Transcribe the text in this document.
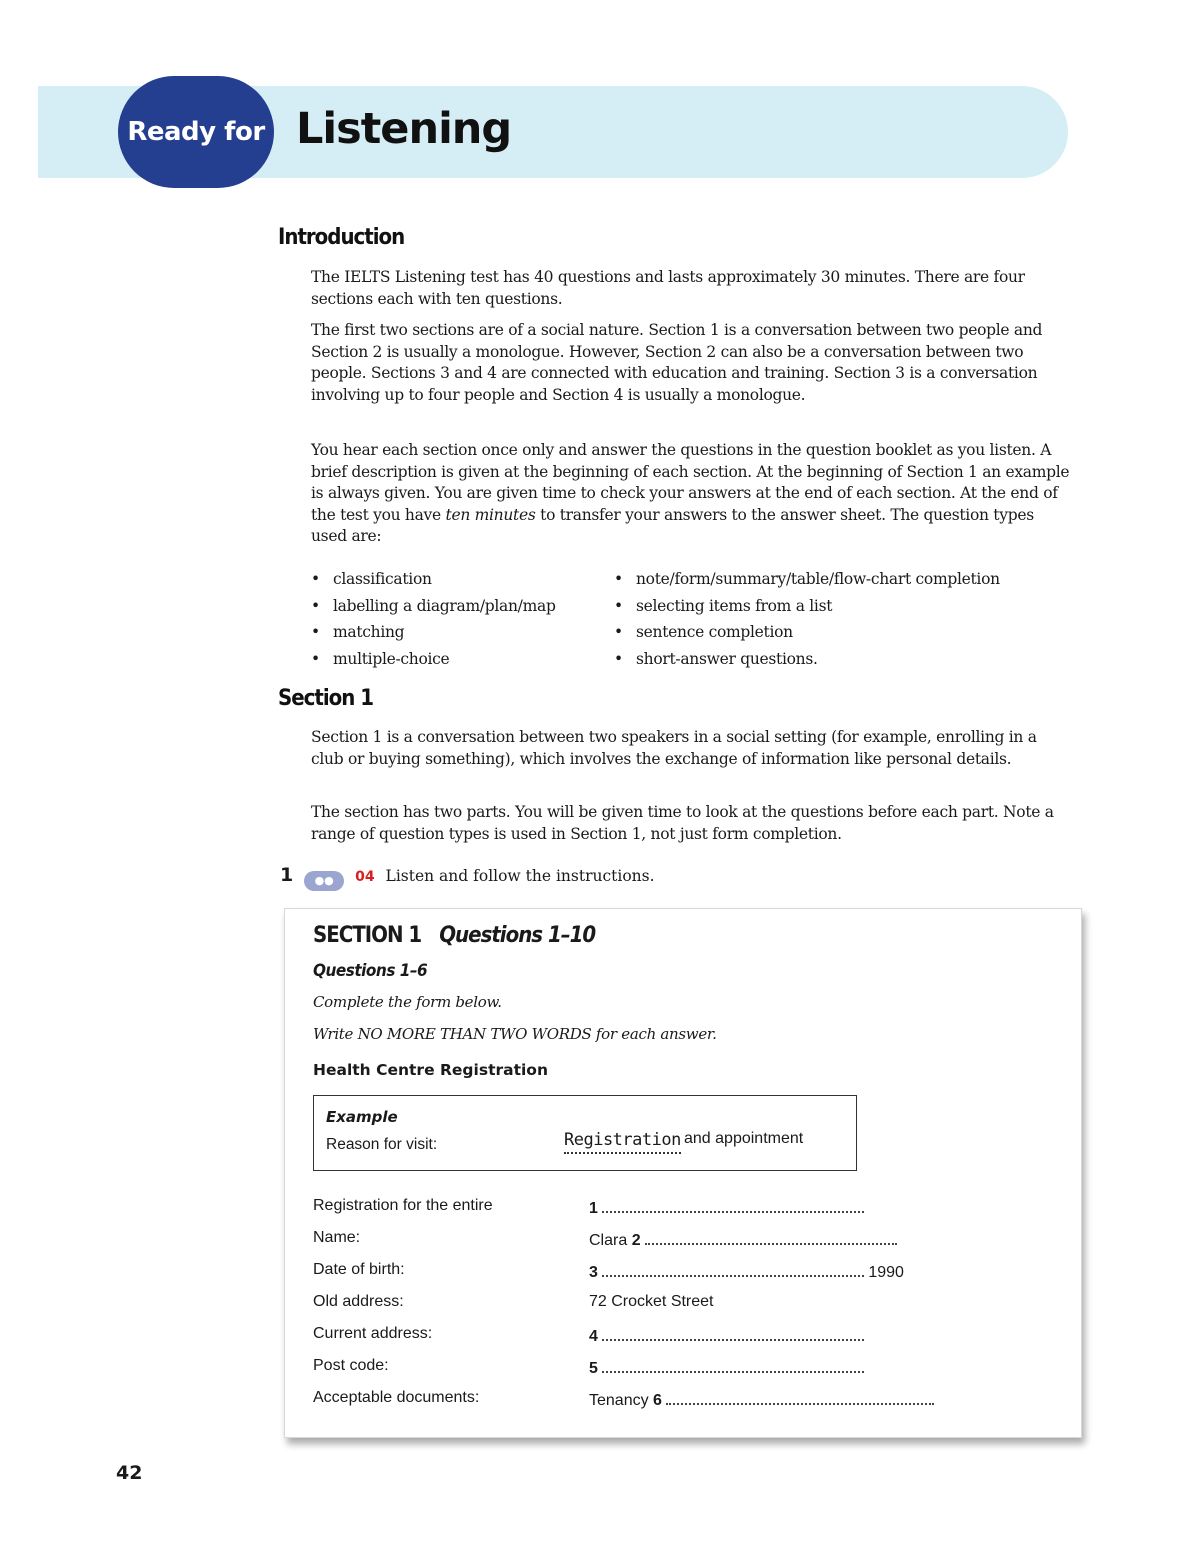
Ready for Listening
Introduction

The IELTS Listening test has 40 questions and lasts approximately 30 minutes. There are four sections each with ten questions.

The first two sections are of a social nature. Section 1 is a conversation between two people and Section 2 is usually a monologue. However, Section 2 can also be a conversation between two people. Sections 3 and 4 are connected with education and training. Section 3 is a conversation involving up to four people and Section 4 is usually a monologue.

You hear each section once only and answer the questions in the question booklet as you listen. A brief description is given at the beginning of each section. At the beginning of Section 1 an example is always given. You are given time to check your answers at the end of each section. At the end of the test you have ten minutes to transfer your answers to the answer sheet. The question types used are:

• classification
• labelling a diagram/plan/map
• matching
• multiple-choice
• note/form/summary/table/flow-chart completion
• selecting items from a list
• sentence completion
• short-answer questions.
Section 1

Section 1 is a conversation between two speakers in a social setting (for example, enrolling in a club or buying something), which involves the exchange of information like personal details.

The section has two parts. You will be given time to look at the questions before each part. Note a range of question types is used in Section 1, not just form completion.

1 ●● 04 Listen and follow the instructions.
SECTION 1 Questions 1–10
Questions 1–6
Complete the form below.
Write NO MORE THAN TWO WORDS for each answer.
Health Centre Registration
Example
Reason for visit:	Registration and appointment
Registration for the entire	1
Name:	Clara 2
Date of birth:	3	1990
Old address:	72 Crocket Street
Current address:	4
Post code:	5
Acceptable documents:	Tenancy 6
42
